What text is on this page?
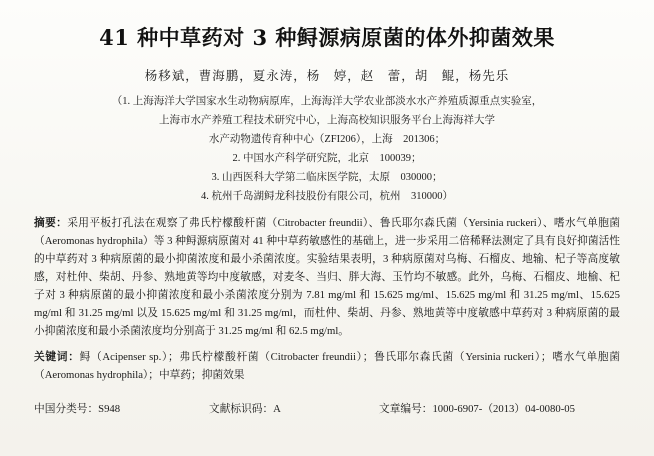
41 种中草药对 3 种鲟源病原菌的体外抑菌效果
杨移斌，曹海鹏，夏永涛，杨　婷，赵　蕾，胡　鲲，杨先乐
（1. 上海海洋大学国家水生动物病原库，上海海洋大学农业部淡水水产养殖质源重点实验室，
上海市水产养殖工程技术研究中心，上海高校知识服务平台上海海祥大学
水产动物遗传育种中心（ZFI206），上海　201306；
2. 中国水产科学研究院，北京　100039；
3. 山西医科大学第二临床医学院，太原　030000；
4. 杭州千岛湖鲟龙科技股份有限公司，杭州　310000）
摘要：采用平板打孔法在观察了弗氏柠檬酸杆菌（Citrobacter freundii）、鲁氏耶尔森氏菌（Yersinia ruckeri）、嗜水气单胞菌（Aeromonas hydrophila）等 3 种鲟源病原菌对 41 种中草药敏感性的基础上，进一步采用二倍稀释法测定了具有良好抑菌活性的中草药对 3 种病原菌的最小抑菌浓度和最小杀菌浓度。实验结果表明，3 种病原菌对乌梅、石榴皮、地输、杞子等高度敏感，对杜仲、柴胡、丹参、熟地黄等均中度敏感，对麦冬、当归、胖大海、玉竹均不敏感。此外，乌梅、石榴皮、地榆、杞子对 3 种病原菌的最小抑菌浓度和最小杀菌浓度分别为 7.81 mg/ml 和 15.625 mg/ml、15.625 mg/ml 和 31.25 mg/ml、15.625 mg/ml 和 31.25 mg/ml 以及 15.625 mg/ml 和 31.25 mg/ml，而杜仲、柴胡、丹参、熟地黄等中度敏感中草药对 3 种病原菌的最小抑菌浓度和最小杀菌浓度均分别高于 31.25 mg/ml 和 62.5 mg/ml。
关键词：鲟（Acipenser sp.）；弗氏柠檬酸杆菌（Citrobacter freundii）；鲁氏耶尔森氏菌（Yersinia ruckeri）；嗜水气单胞菌（Aeromonas hydrophila）；中草药；抑菌效果
中国分类号：S948	文献标识码：A	文章编号：1000-6907-（2013）04-0080-05
